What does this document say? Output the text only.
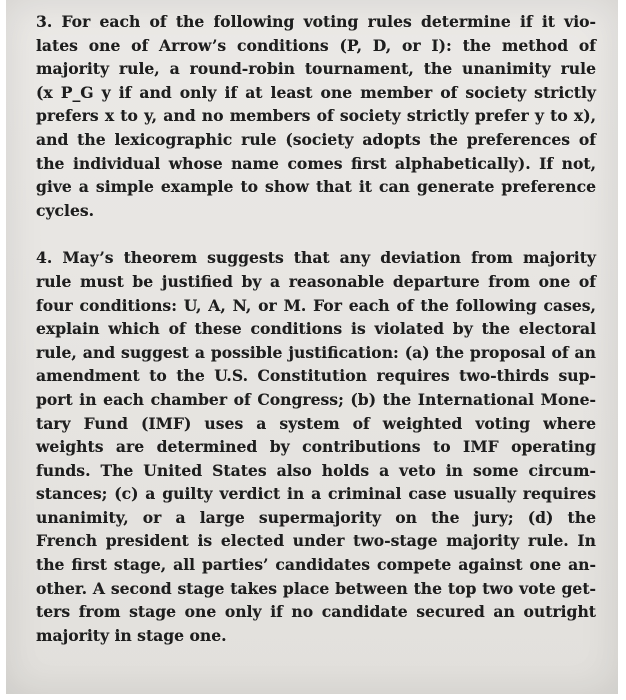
3. For each of the following voting rules determine if it vio-
lates one of Arrow’s conditions (P, D, or I): the method of
majority rule, a round-robin tournament, the unanimity rule
(x P_G y if and only if at least one member of society strictly
prefers x to y, and no members of society strictly prefer y to x),
and the lexicographic rule (society adopts the preferences of
the individual whose name comes first alphabetically). If not,
give a simple example to show that it can generate preference
cycles.
4. May’s theorem suggests that any deviation from majority
rule must be justified by a reasonable departure from one of
four conditions: U, A, N, or M. For each of the following cases,
explain which of these conditions is violated by the electoral
rule, and suggest a possible justification: (a) the proposal of an
amendment to the U.S. Constitution requires two-thirds sup-
port in each chamber of Congress; (b) the International Mone-
tary Fund (IMF) uses a system of weighted voting where
weights are determined by contributions to IMF operating
funds. The United States also holds a veto in some circum-
stances; (c) a guilty verdict in a criminal case usually requires
unanimity, or a large supermajority on the jury; (d) the
French president is elected under two-stage majority rule. In
the first stage, all parties’ candidates compete against one an-
other. A second stage takes place between the top two vote get-
ters from stage one only if no candidate secured an outright
majority in stage one.
